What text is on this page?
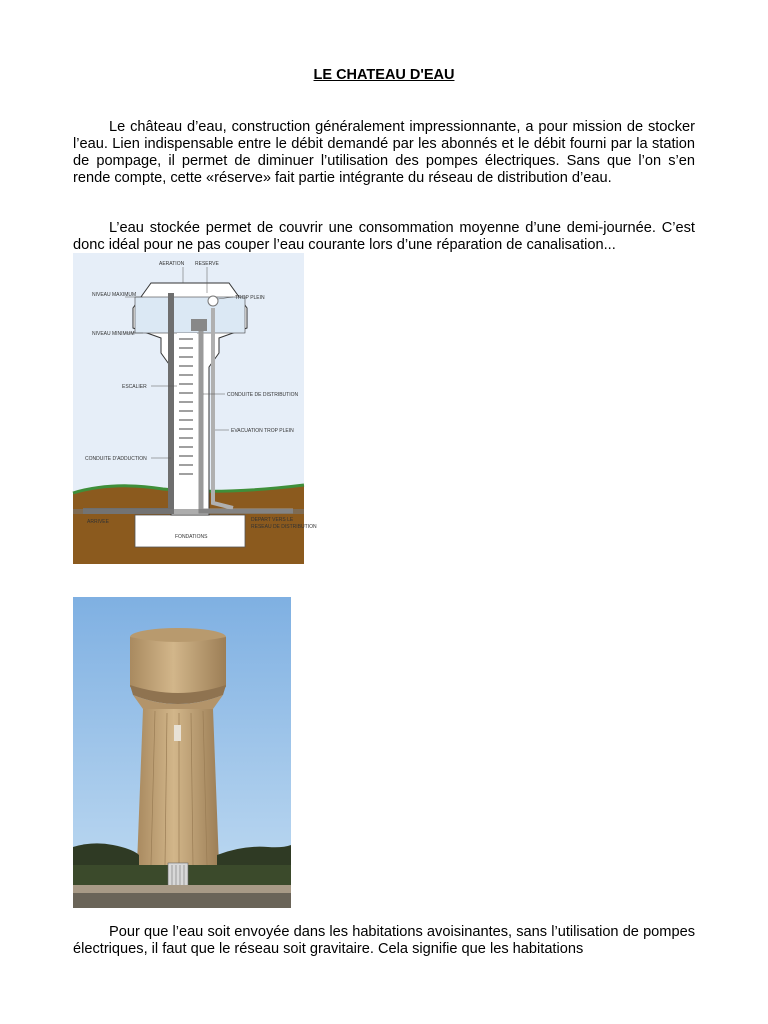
LE CHATEAU D'EAU

Le château d’eau, construction généralement impressionnante, a pour mission de stocker l’eau. Lien indispensable entre le débit demandé par les abonnés et le débit fourni par la station de pompage, il permet de diminuer l’utilisation des pompes électriques. Sans que l’on s’en rende compte, cette «réserve» fait partie intégrante du réseau de distribution d’eau.

L’eau stockée permet de couvrir une consommation moyenne d’une demi-journée. C’est donc idéal pour ne pas couper l’eau courante lors d’une réparation de canalisation...

AERATION RESERVE
TROP PLEIN
NIVEAU MAXIMUM
NIVEAU MINIMUM
ESCALIER
CONDUITE DE DISTRIBUTION
EVACUATION TROP PLEIN
CONDUITE D'ADDUCTION
ARRIVEE	DEPART VERS LE
RESEAU DE DISTRIBUTION
FONDATIONS

Pour que l’eau soit envoyée dans les habitations avoisinantes, sans l’utilisation de pompes électriques, il faut que le réseau soit gravitaire. Cela signifie que les habitations
